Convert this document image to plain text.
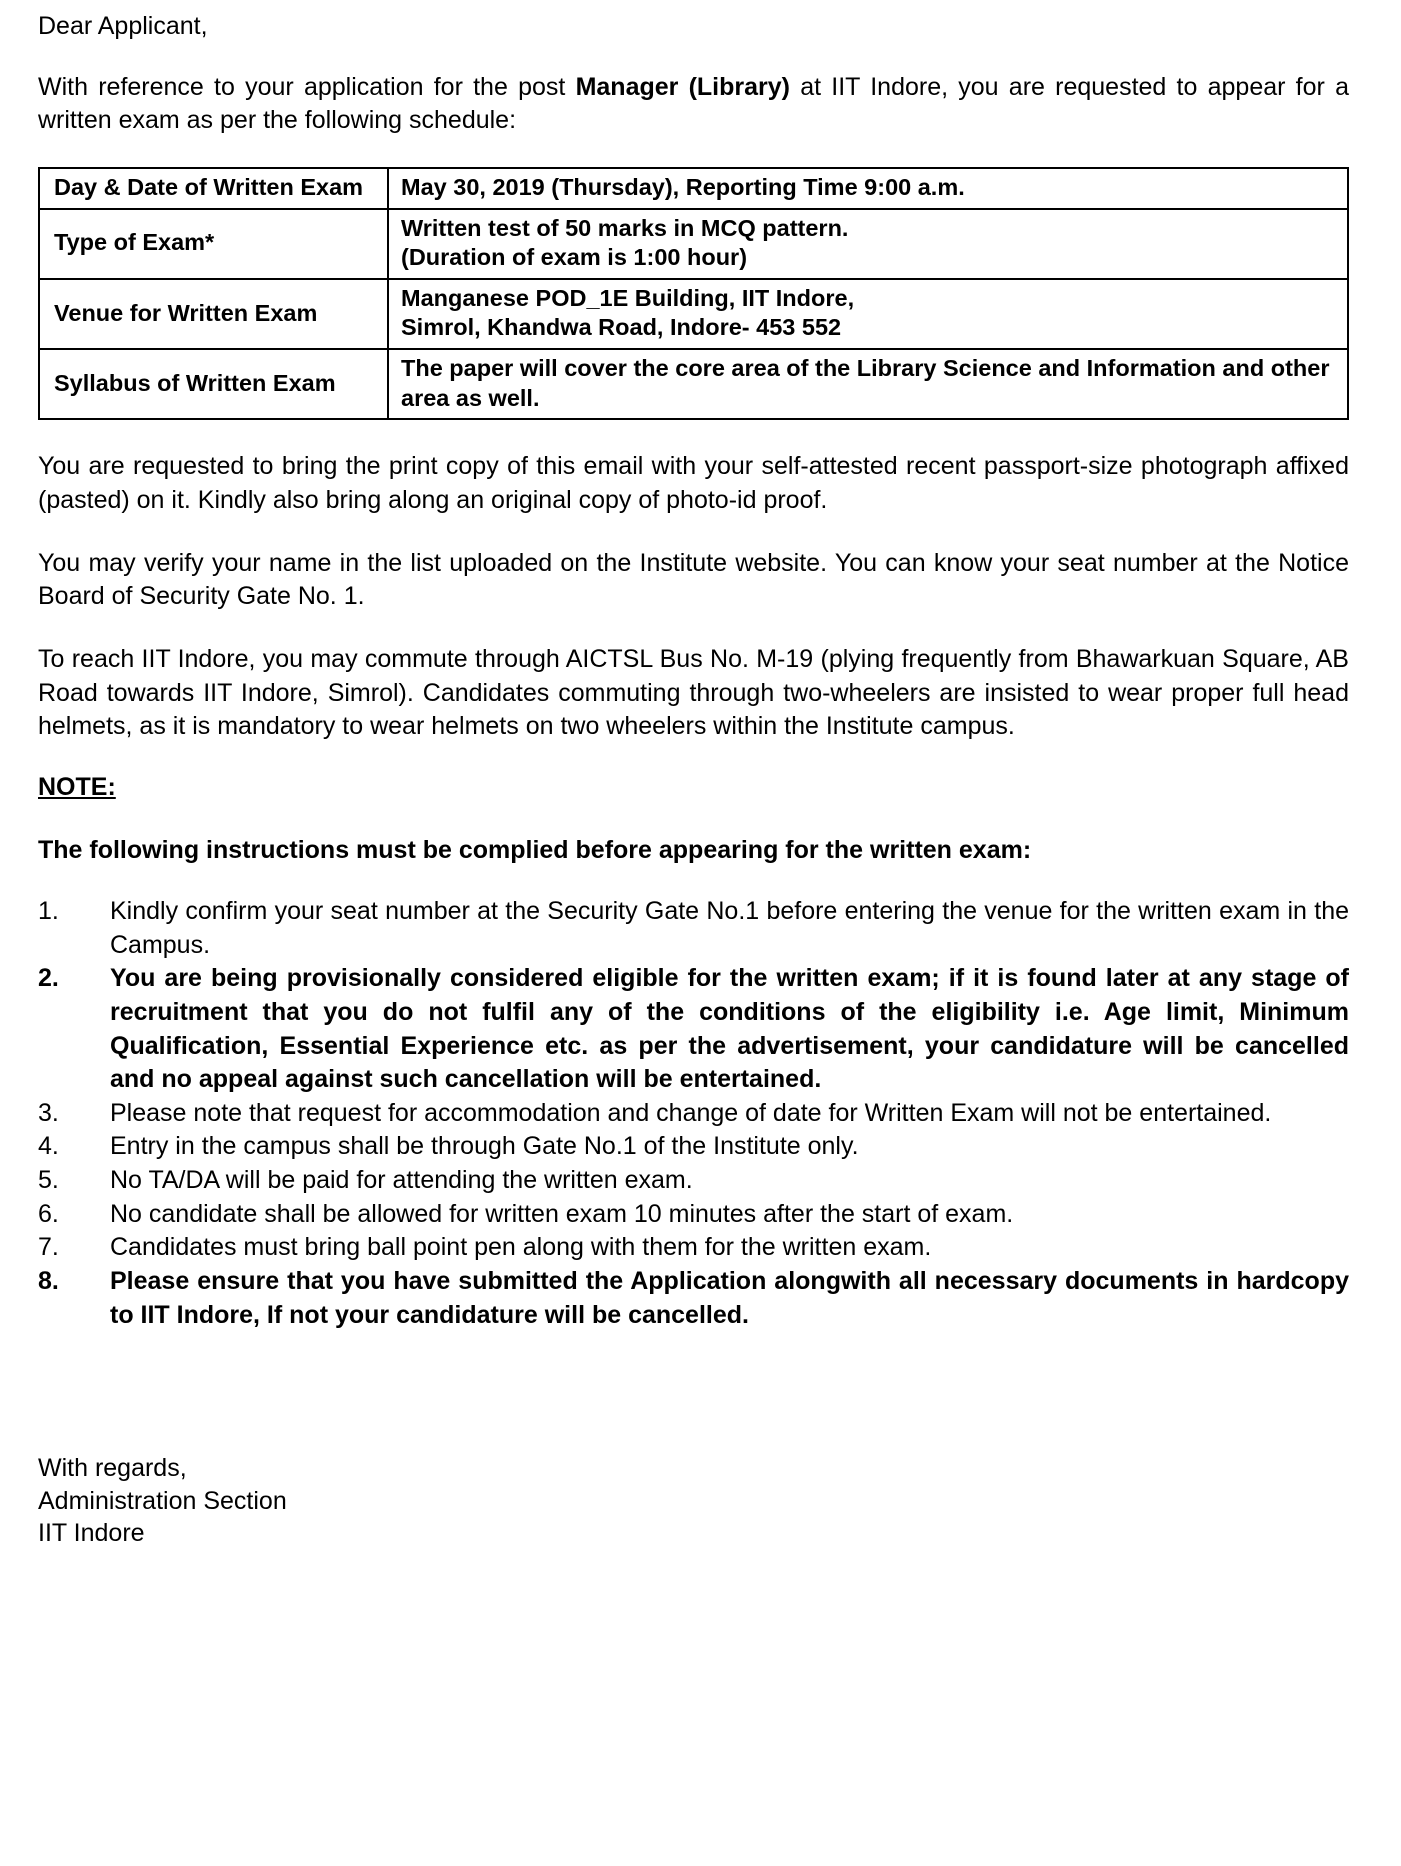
Dear Applicant,

With reference to your application for the post Manager (Library) at IIT Indore, you are requested to appear for a written exam as per the following schedule:

Day & Date of Written Exam	May 30, 2019 (Thursday), Reporting Time 9:00 a.m.

Type of Exam*	Written test of 50 marks in MCQ pattern.
(Duration of exam is 1:00 hour)

Venue for Written Exam	Manganese POD_1E Building, IIT Indore,
Simrol, Khandwa Road, Indore- 453 552

Syllabus of Written Exam	The paper will cover the core area of the Library Science and Information and other area as well.

You are requested to bring the print copy of this email with your self-attested recent passport-size photograph affixed (pasted) on it. Kindly also bring along an original copy of photo-id proof.

You may verify your name in the list uploaded on the Institute website. You can know your seat number at the Notice Board of Security Gate No. 1.

To reach IIT Indore, you may commute through AICTSL Bus No. M-19 (plying frequently from Bhawarkuan Square, AB Road towards IIT Indore, Simrol). Candidates commuting through two-wheelers are insisted to wear proper full head helmets, as it is mandatory to wear helmets on two wheelers within the Institute campus.

NOTE:

The following instructions must be complied before appearing for the written exam:

1.	Kindly confirm your seat number at the Security Gate No.1 before entering the venue for the written exam in the Campus.
2.	You are being provisionally considered eligible for the written exam; if it is found later at any stage of recruitment that you do not fulfil any of the conditions of the eligibility i.e. Age limit, Minimum Qualification, Essential Experience etc. as per the advertisement, your candidature will be cancelled and no appeal against such cancellation will be entertained.
3.	Please note that request for accommodation and change of date for Written Exam will not be entertained.
4.	Entry in the campus shall be through Gate No.1 of the Institute only.
5.	No TA/DA will be paid for attending the written exam.
6.	No candidate shall be allowed for written exam 10 minutes after the start of exam.
7.	Candidates must bring ball point pen along with them for the written exam.
8.	Please ensure that you have submitted the Application alongwith all necessary documents in hardcopy to IIT Indore, If not your candidature will be cancelled.
With regards,
Administration Section
IIT Indore
